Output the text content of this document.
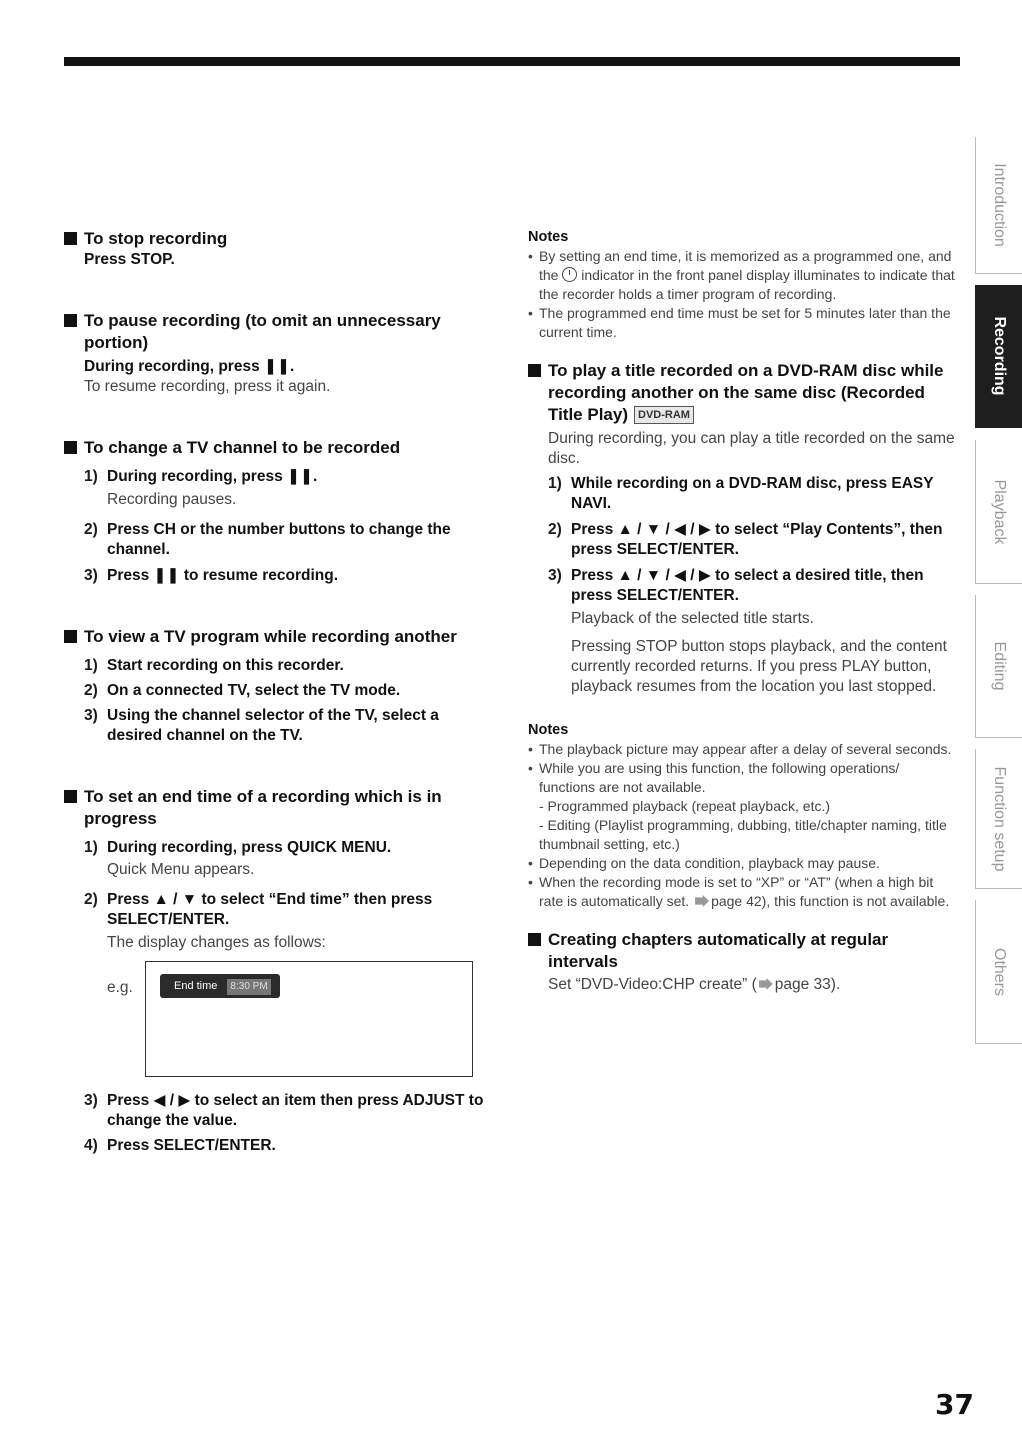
To stop recording
Press STOP.
To pause recording (to omit an unnecessary portion)
During recording, press ❚❚.
To resume recording, press it again.
To change a TV channel to be recorded
1) During recording, press ❚❚.
Recording pauses.
2) Press CH or the number buttons to change the channel.
3) Press ❚❚ to resume recording.
To view a TV program while recording another
1) Start recording on this recorder.
2) On a connected TV, select the TV mode.
3) Using the channel selector of the TV, select a desired channel on the TV.
To set an end time of a recording which is in progress
1) During recording, press QUICK MENU.
Quick Menu appears.
2) Press ▲ / ▼ to select “End time” then press SELECT/ENTER.
The display changes as follows:
e.g.	End time 8:30 PM
3) Press ◀ / ▶ to select an item then press ADJUST to change the value.
4) Press SELECT/ENTER.
Notes
• By setting an end time, it is memorized as a programmed one, and the indicator in the front panel display illuminates to indicate that the recorder holds a timer program of recording.
• The programmed end time must be set for 5 minutes later than the current time.
To play a title recorded on a DVD-RAM disc while recording another on the same disc (Recorded Title Play) DVD-RAM
During recording, you can play a title recorded on the same disc.
1) While recording on a DVD-RAM disc, press EASY NAVI.
2) Press ▲ / ▼ / ◀ / ▶ to select “Play Contents”, then press SELECT/ENTER.
3) Press ▲ / ▼ / ◀ / ▶ to select a desired title, then press SELECT/ENTER.
Playback of the selected title starts.
Pressing STOP button stops playback, and the content currently recorded returns. If you press PLAY button, playback resumes from the location you last stopped.
Notes
• The playback picture may appear after a delay of several seconds.
• While you are using this function, the following operations/ functions are not available.
- Programmed playback (repeat playback, etc.)
- Editing (Playlist programming, dubbing, title/chapter naming, title thumbnail setting, etc.)
• Depending on the data condition, playback may pause.
• When the recording mode is set to “XP” or “AT” (when a high bit rate is automatically set. page 42), this function is not available.
Creating chapters automatically at regular intervals
Set “DVD-Video:CHP create” ( page 33).
Introduction
Recording
Playback
Editing
Function setup
Others
37
